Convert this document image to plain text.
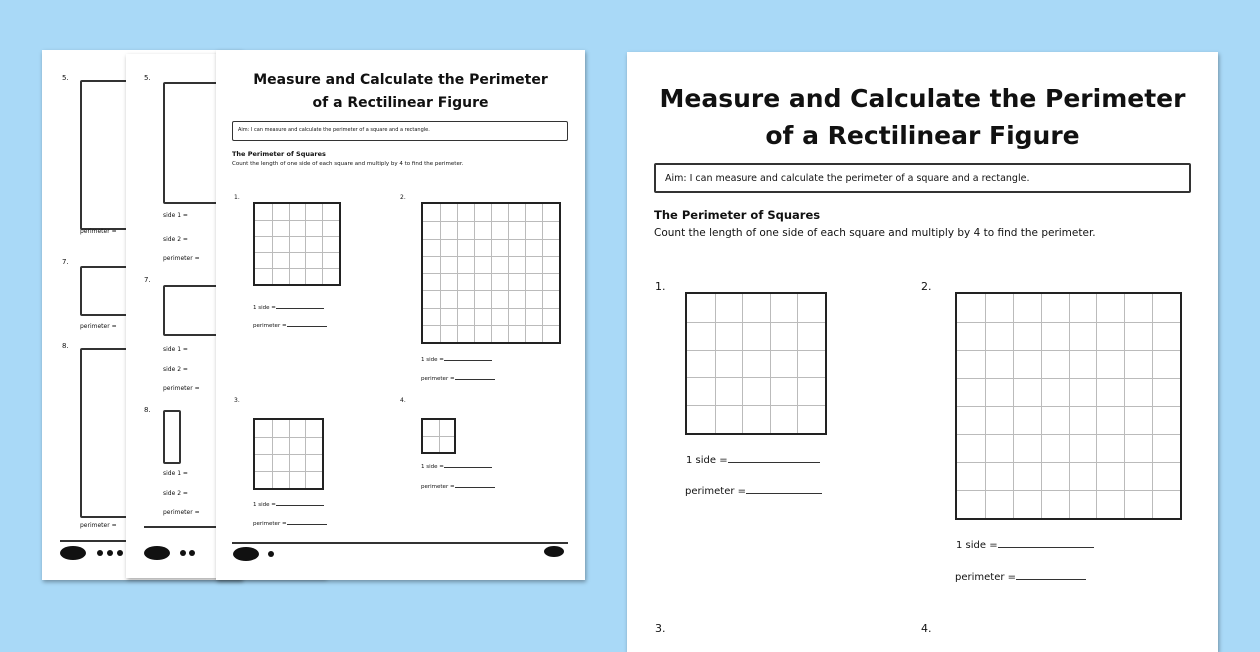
5.
perimeter =
7.
perimeter =
8.
perimeter =
5.
side 1 =
side 2 =
perimeter =
7.
side 1 =
side 2 =
perimeter =
8.
side 1 =
side 2 =
perimeter =
Measure and Calculate the Perimeter
of a Rectilinear Figure
Aim: I can measure and calculate the perimeter of a square and a rectangle.
The Perimeter of Squares
Count the length of one side of each square and multiply by 4 to find the perimeter.
1.
1 side =
perimeter =
2.
1 side =
perimeter =
3.
1 side =
perimeter =
4.
1 side =
perimeter =
Measure and Calculate the Perimeter
of a Rectilinear Figure
Aim: I can measure and calculate the perimeter of a square and a rectangle.
The Perimeter of Squares
Count the length of one side of each square and multiply by 4 to find the perimeter.
1.
1 side =
perimeter =
2.
1 side =
perimeter =
3.	4.
